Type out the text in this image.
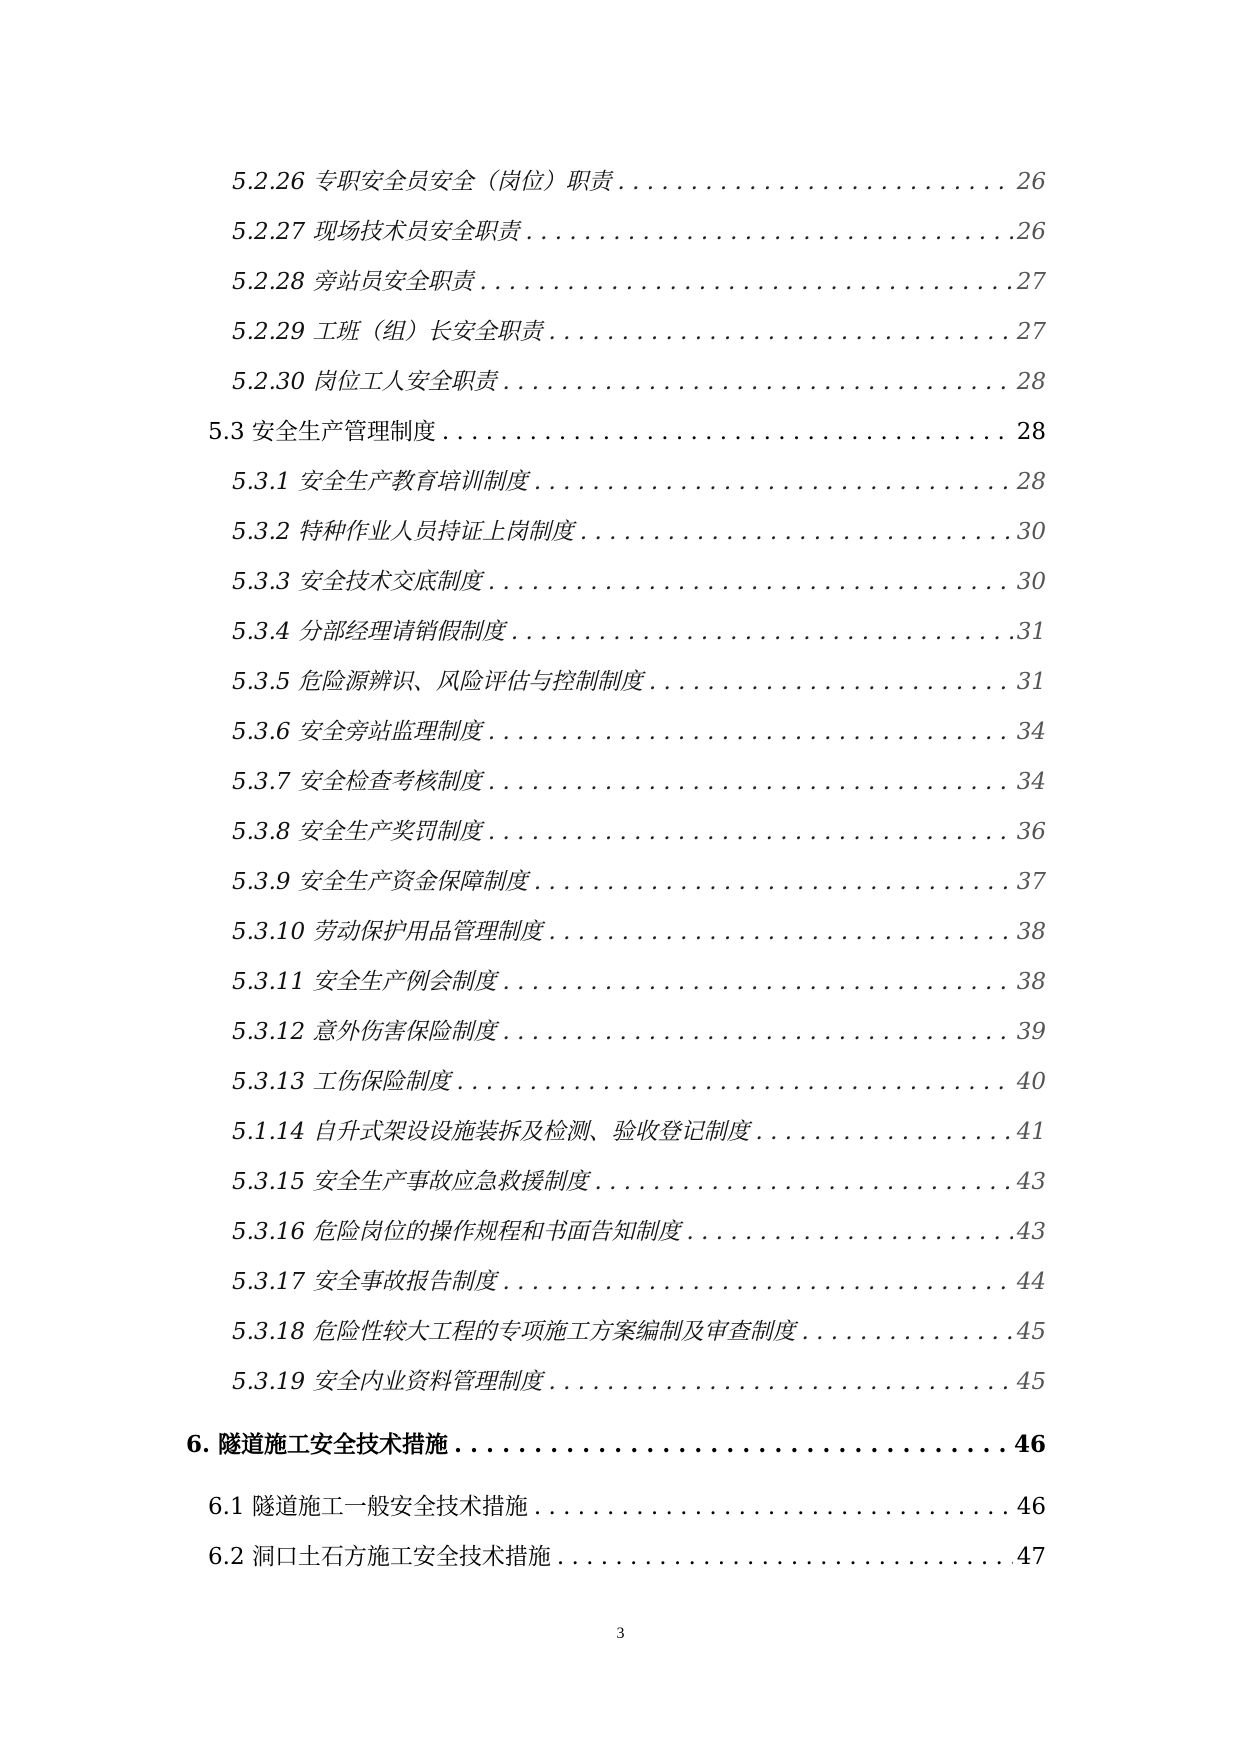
5.2.26 专职安全员安全（岗位）职责 . . .	26
5.2.27 现场技术员安全职责 . . .	26
5.2.28 旁站员安全职责 . . .	27
5.2.29 工班（组）长安全职责 . . .	27
5.2.30 岗位工人安全职责 . . .	28
5.3 安全生产管理制度 . . .	28
5.3.1 安全生产教育培训制度 . . .	28
5.3.2 特种作业人员持证上岗制度 . . .	30
5.3.3 安全技术交底制度 . . .	30
5.3.4 分部经理请销假制度 . . .	31
5.3.5 危险源辨识、风险评估与控制制度 . . .	31
5.3.6 安全旁站监理制度 . . .	34
5.3.7 安全检查考核制度 . . .	34
5.3.8 安全生产奖罚制度 . . .	36
5.3.9 安全生产资金保障制度 . . .	37
5.3.10 劳动保护用品管理制度 . . .	38
5.3.11 安全生产例会制度 . . .	38
5.3.12 意外伤害保险制度 . . .	39
5.3.13 工伤保险制度 . . .	40
5.1.14 自升式架设设施装拆及检测、验收登记制度 . . .	41
5.3.15 安全生产事故应急救援制度 . . .	43
5.3.16 危险岗位的操作规程和书面告知制度 . . .	43
5.3.17 安全事故报告制度 . . .	44
5.3.18 危险性较大工程的专项施工方案编制及审查制度 . . .	45
5.3.19 安全内业资料管理制度 . . .	45
6. 隧道施工安全技术措施 . . .	46
6.1 隧道施工一般安全技术措施 . . .	46
6.2 洞口土石方施工安全技术措施 . . .	47
3
